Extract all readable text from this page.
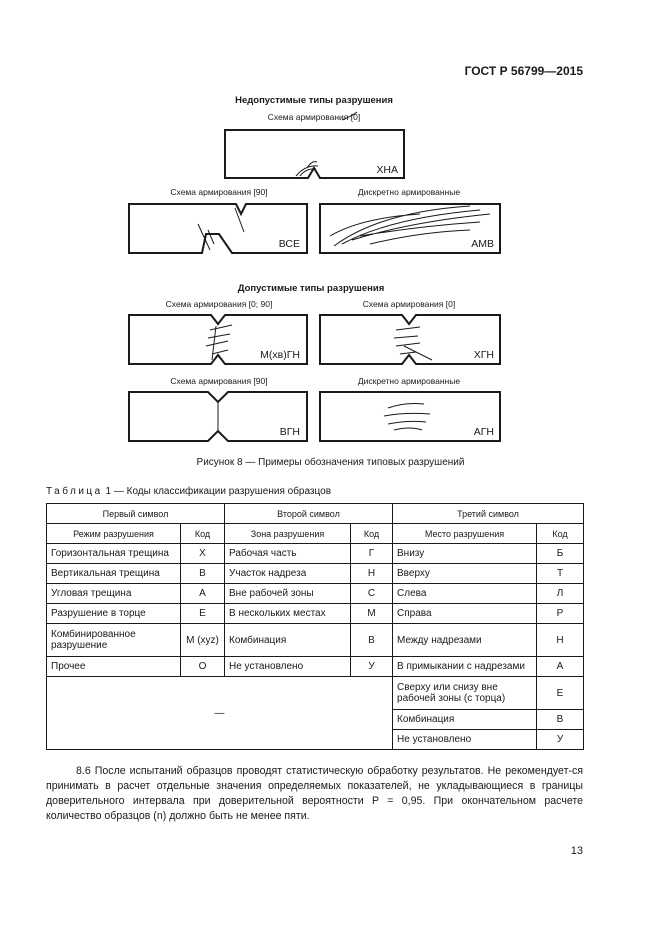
ГОСТ Р 56799—2015
Недопустимые типы разрушения
Схема армирования [0]
ХНА
Схема армирования [90]
ВСЕ
Дискретно армированные
АМВ
Допустимые типы разрушения
Схема армирования [0; 90]
М(хв)ГН
Схема армирования [0]
ХГН
Схема армирования [90]
ВГН
Дискретно армированные
АГН
Рисунок 8 — Примеры обозначения типовых разрушений
Таблица 1 — Коды классификации разрушения образцов
Первый символ		Второй символ		Третий символ	
Режим разрушения	Код	Зона разрушения	Код	Место разрушения	Код
Горизонтальная трещина	X	Рабочая часть	Г	Внизу	Б
Вертикальная трещина	В	Участок надреза	Н	Вверху	Т
Угловая трещина	А	Вне рабочей зоны	С	Слева	Л
Разрушение в торце	Е	В нескольких местах	М	Справа	Р
Комбинированное разрушение	М (xyz)	Комбинация	В	Между надрезами	Н
Прочее	О	Не установлено	У	В примыкании с надрезами	А
—				Сверху или снизу вне рабочей зоны (с торца)	Е
				Комбинация	В
				Не установлено	У
8.6 После испытаний образцов проводят статистическую обработку результатов. Не рекомендует-ся принимать в расчет отдельные значения определяемых показателей, не укладывающиеся в границы доверительного интервала при доверительной вероятности P = 0,95. При окончательном расчете количество образцов (n) должно быть не менее пяти.
13
